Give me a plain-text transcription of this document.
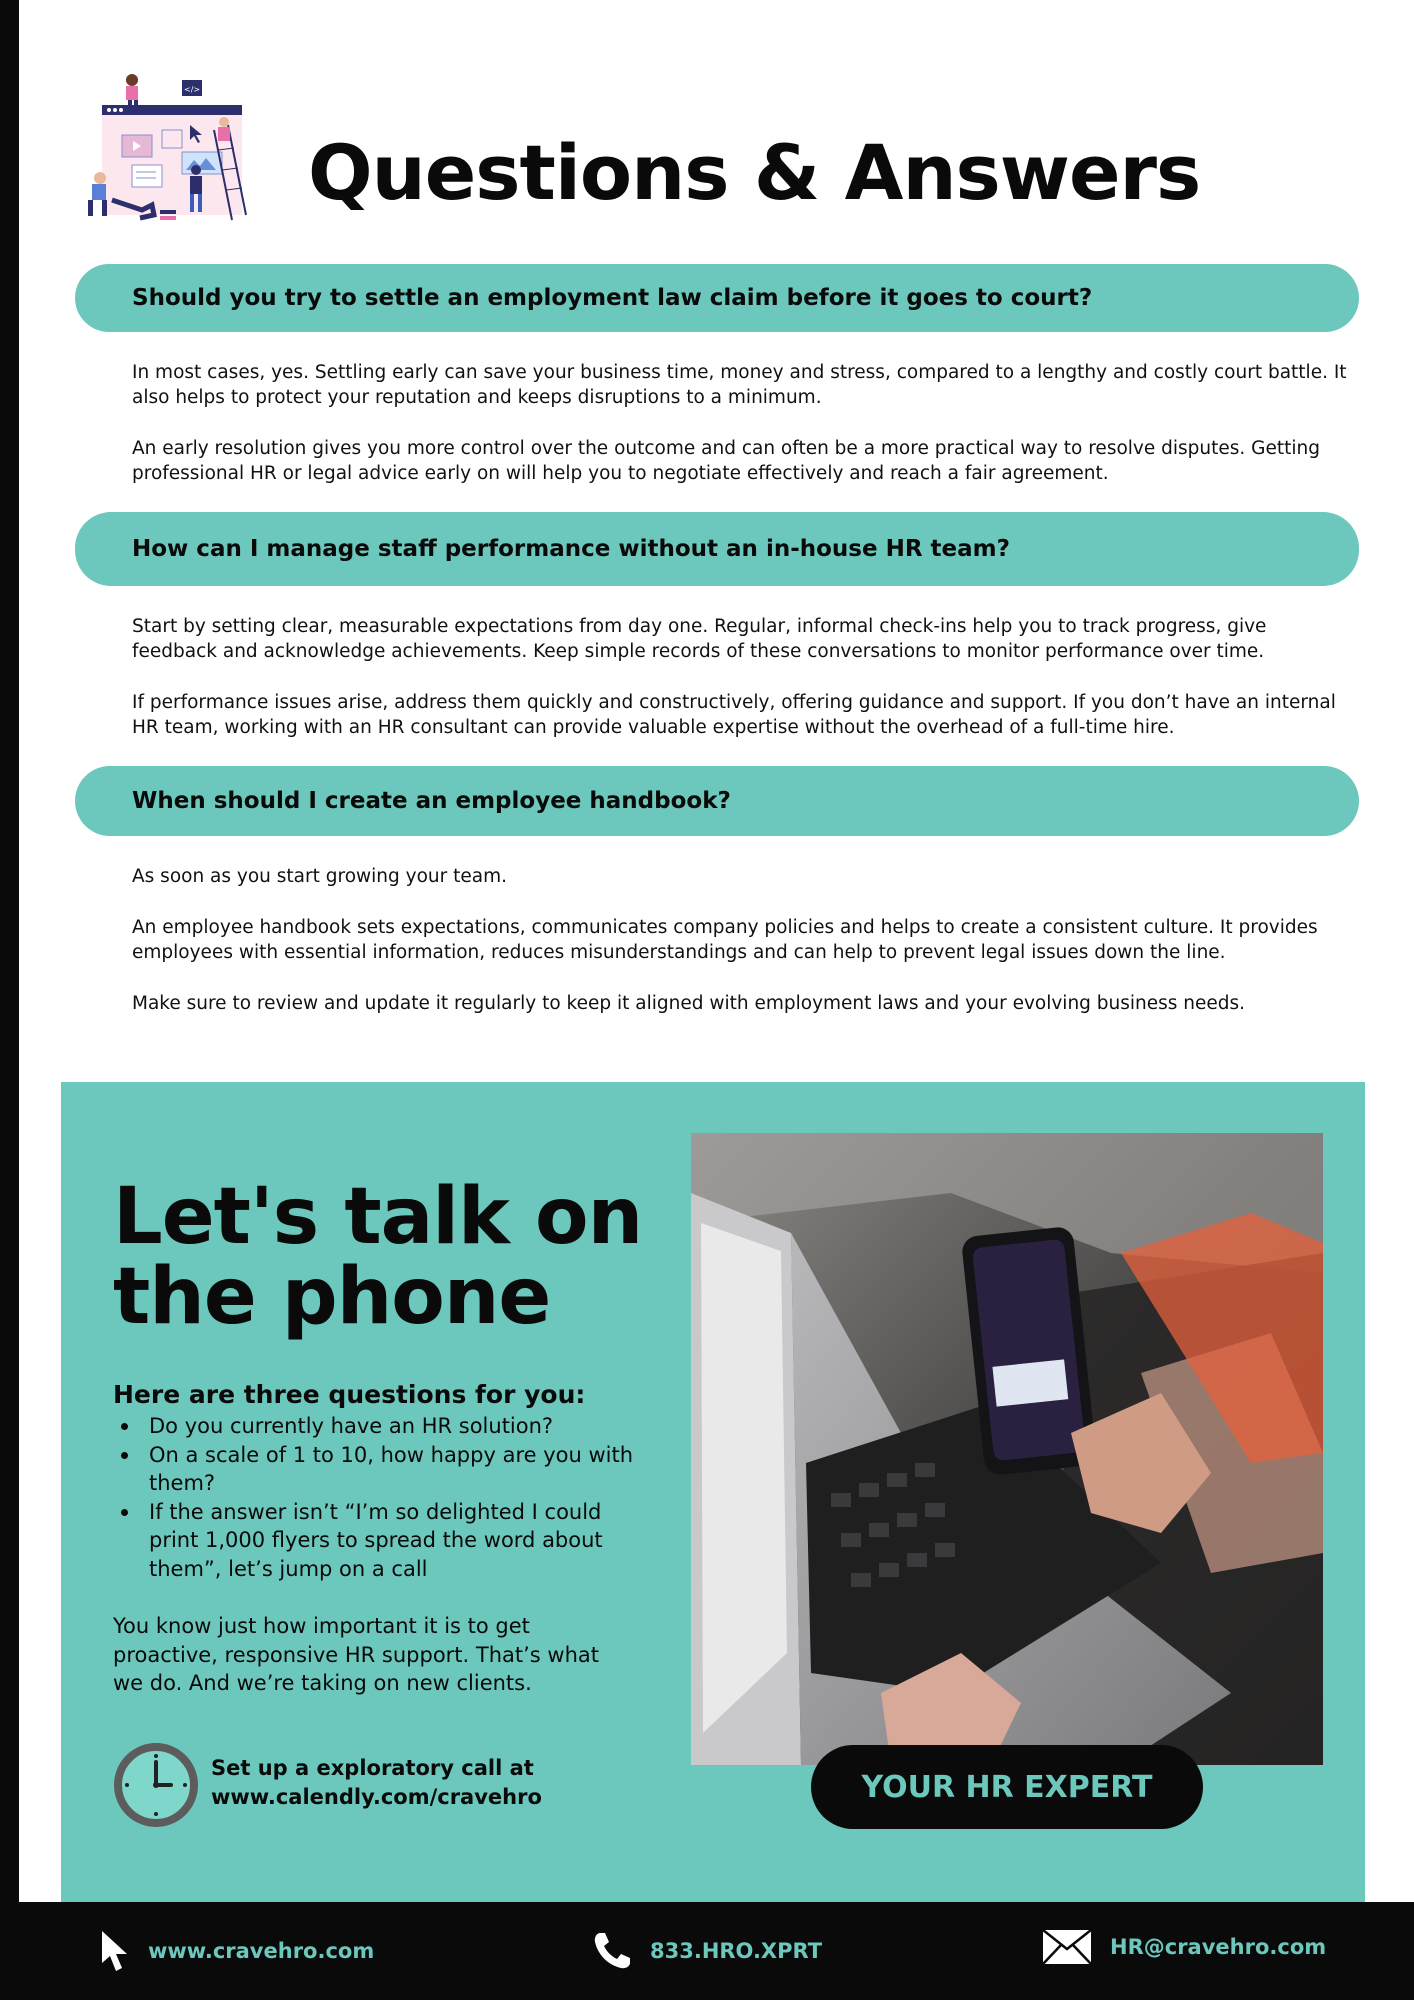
</>
Questions & Answers
Should you try to settle an employment law claim before it goes to court?

In most cases, yes. Settling early can save your business time, money and stress, compared to a lengthy and costly court battle. It also helps to protect your reputation and keeps disruptions to a minimum.

An early resolution gives you more control over the outcome and can often be a more practical way to resolve disputes. Getting professional HR or legal advice early on will help you to negotiate effectively and reach a fair agreement.

How can I manage staff performance without an in-house HR team?

Start by setting clear, measurable expectations from day one. Regular, informal check-ins help you to track progress, give feedback and acknowledge achievements. Keep simple records of these conversations to monitor performance over time.

If performance issues arise, address them quickly and constructively, offering guidance and support. If you don’t have an internal HR team, working with an HR consultant can provide valuable expertise without the overhead of a full-time hire.

When should I create an employee handbook?

As soon as you start growing your team.

An employee handbook sets expectations, communicates company policies and helps to create a consistent culture. It provides employees with essential information, reduces misunderstandings and can help to prevent legal issues down the line.

Make sure to review and update it regularly to keep it aligned with employment laws and your evolving business needs.

Let's talk on the phone
Here are three questions for you:
Do you currently have an HR solution?
On a scale of 1 to 10, how happy are you with them?
If the answer isn’t “I’m so delighted I could print 1,000 flyers to spread the word about them”, let’s jump on a call
You know just how important it is to get proactive, responsive HR support. That’s what we do. And we’re taking on new clients.
Set up a exploratory call at
www.calendly.com/cravehro	YOUR HR EXPERT
www.cravehro.com	833.HRO.XPRT	HR@cravehro.com
